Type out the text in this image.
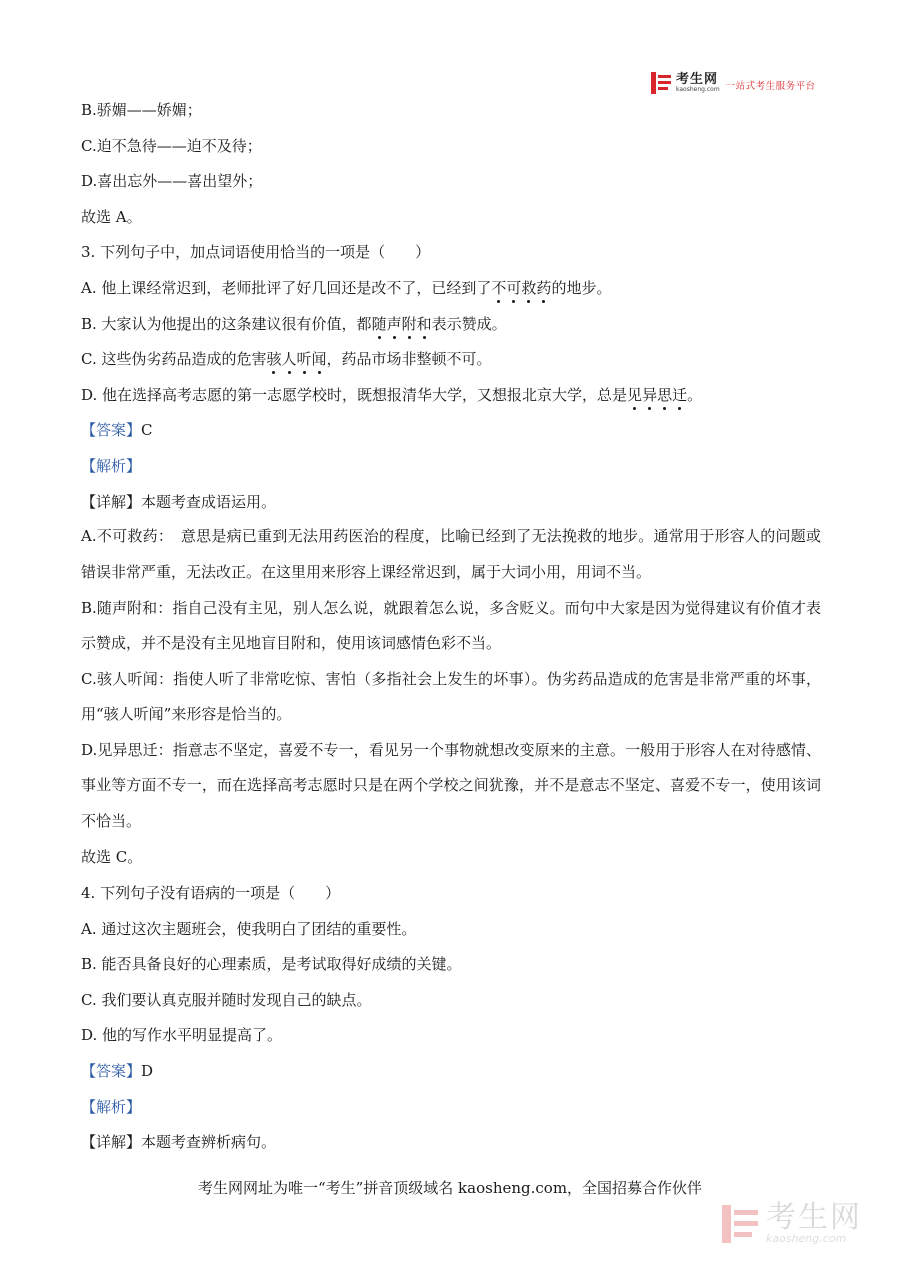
考生网
kaosheng.com 一站式考生服务平台
B.骄媚——娇媚；
C.迫不急待——迫不及待；
D.喜出忘外——喜出望外；
故选 A。
3. 下列句子中，加点词语使用恰当的一项是（　　）
A. 他上课经常迟到，老师批评了好几回还是改不了，已经到了不可救药的地步。
B. 大家认为他提出的这条建议很有价值，都随声附和表示赞成。
C. 这些伪劣药品造成的危害骇人听闻，药品市场非整顿不可。
D. 他在选择高考志愿的第一志愿学校时，既想报清华大学，又想报北京大学，总是见异思迁。
【答案】C
【解析】
【详解】本题考查成语运用。
A.不可救药：　意思是病已重到无法用药医治的程度，比喻已经到了无法挽救的地步。通常用于形容人的问题或错误非常严重，无法改正。在这里用来形容上课经常迟到，属于大词小用，用词不当。
B.随声附和：指自己没有主见，别人怎么说，就跟着怎么说，多含贬义。而句中大家是因为觉得建议有价值才表示赞成，并不是没有主见地盲目附和，使用该词感情色彩不当。
C.骇人听闻：指使人听了非常吃惊、害怕（多指社会上发生的坏事）。伪劣药品造成的危害是非常严重的坏事，用“骇人听闻”来形容是恰当的。
D.见异思迁：指意志不坚定，喜爱不专一，看见另一个事物就想改变原来的主意。一般用于形容人在对待感情、事业等方面不专一，而在选择高考志愿时只是在两个学校之间犹豫，并不是意志不坚定、喜爱不专一，使用该词不恰当。
故选 C。
4. 下列句子没有语病的一项是（　　）
A. 通过这次主题班会，使我明白了团结的重要性。
B. 能否具备良好的心理素质，是考试取得好成绩的关键。
C. 我们要认真克服并随时发现自己的缺点。
D. 他的写作水平明显提高了。
【答案】D
【解析】
【详解】本题考查辨析病句。
考生网网址为唯一“考生”拼音顶级域名 kaosheng.com，全国招募合作伙伴
考生网
kaosheng.com
